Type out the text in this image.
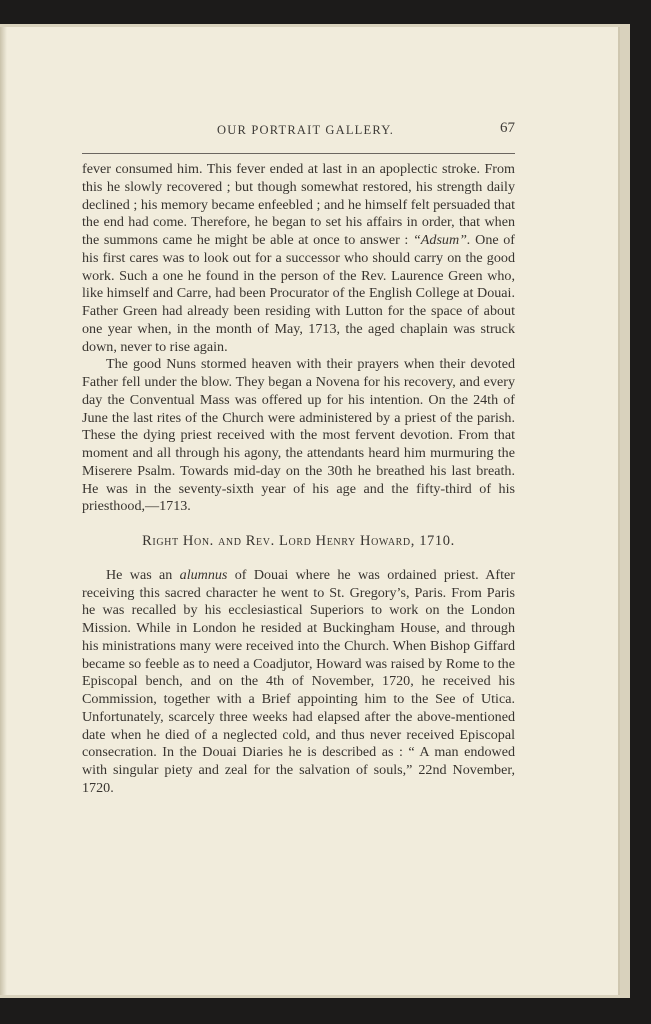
OUR PORTRAIT GALLERY.	67

fever consumed him. This fever ended at last in an apoplectic stroke. From this he slowly recovered ; but though somewhat restored, his strength daily declined ; his memory became enfeebled ; and he himself felt persuaded that the end had come. Therefore, he began to set his affairs in order, that when the summons came he might be able at once to answer : “Adsum”. One of his first cares was to look out for a successor who should carry on the good work. Such a one he found in the person of the Rev. Laurence Green who, like himself and Carre, had been Procurator of the English College at Douai. Father Green had already been residing with Lutton for the space of about one year when, in the month of May, 1713, the aged chaplain was struck down, never to rise again.

The good Nuns stormed heaven with their prayers when their devoted Father fell under the blow. They began a Novena for his recovery, and every day the Conventual Mass was offered up for his intention. On the 24th of June the last rites of the Church were administered by a priest of the parish. These the dying priest received with the most fervent devotion. From that moment and all through his agony, the attendants heard him murmuring the Miserere Psalm. Towards mid-day on the 30th he breathed his last breath. He was in the seventy-sixth year of his age and the fifty-third of his priesthood,—1713.

Right Hon. and Rev. Lord Henry Howard, 1710.

He was an alumnus of Douai where he was ordained priest. After receiving this sacred character he went to St. Gregory’s, Paris. From Paris he was recalled by his ecclesiastical Superiors to work on the London Mission. While in London he resided at Buckingham House, and through his ministrations many were received into the Church. When Bishop Giffard became so feeble as to need a Coadjutor, Howard was raised by Rome to the Episcopal bench, and on the 4th of November, 1720, he received his Commission, together with a Brief appointing him to the See of Utica. Unfortunately, scarcely three weeks had elapsed after the above-mentioned date when he died of a neglected cold, and thus never received Episcopal consecration. In the Douai Diaries he is described as : “ A man endowed with singular piety and zeal for the salvation of souls,” 22nd November, 1720.
